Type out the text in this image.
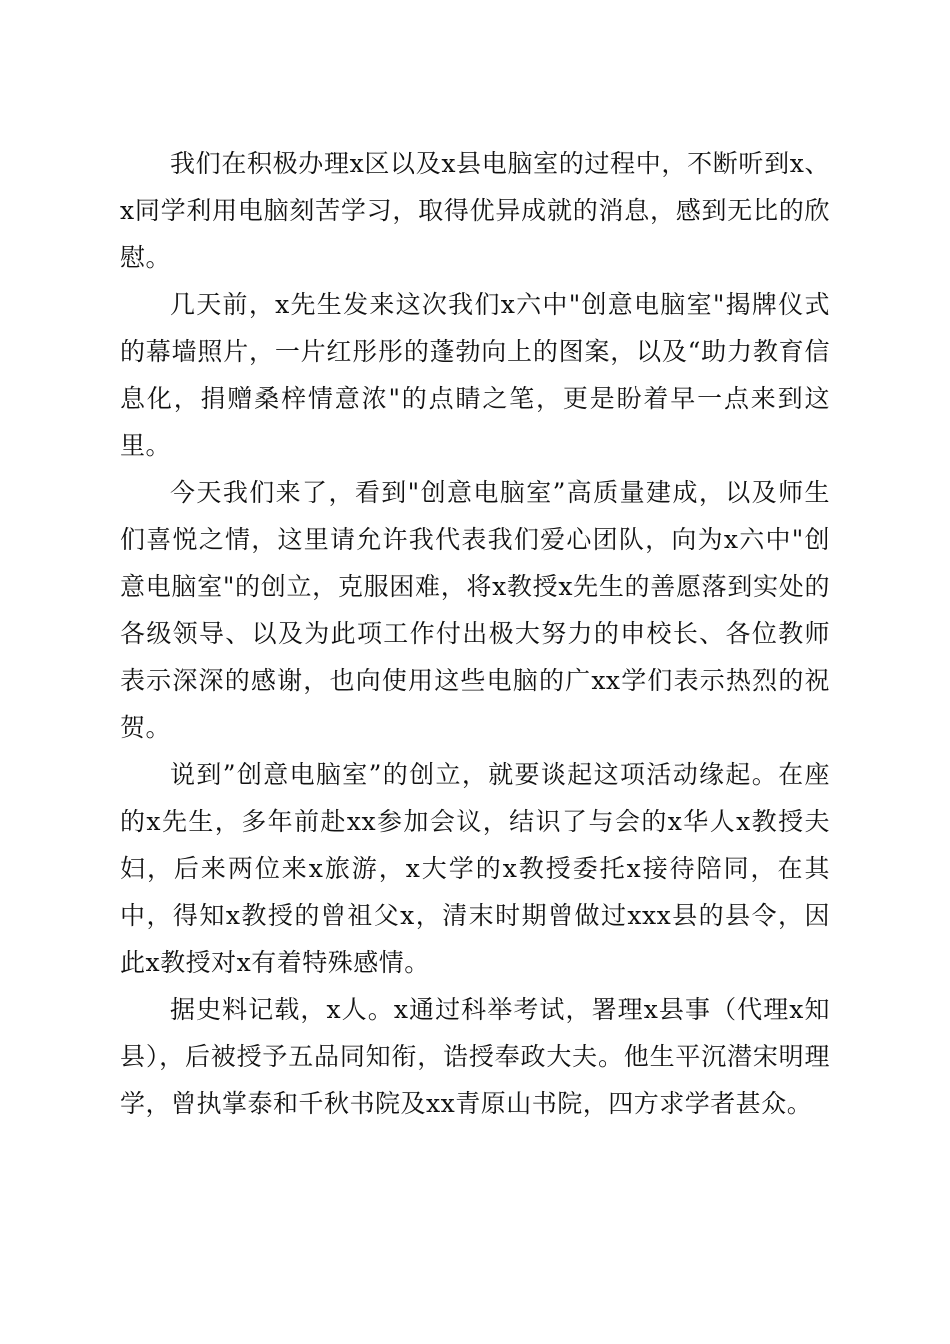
我们在积极办理x区以及x县电脑室的过程中，不断听到x、x同学利用电脑刻苦学习，取得优异成就的消息，感到无比的欣慰。

几天前，x先生发来这次我们x六中"创意电脑室"揭牌仪式的幕墙照片，一片红彤彤的蓬勃向上的图案，以及“助力教育信息化，捐赠桑梓情意浓"的点睛之笔，更是盼着早一点来到这里。

今天我们来了，看到"创意电脑室”高质量建成，以及师生们喜悦之情，这里请允许我代表我们爱心团队，向为x六中"创意电脑室"的创立，克服困难，将x教授x先生的善愿落到实处的各级领导、以及为此项工作付出极大努力的申校长、各位教师表示深深的感谢，也向使用这些电脑的广xx学们表示热烈的祝贺。

说到”创意电脑室”的创立，就要谈起这项活动缘起。在座的x先生，多年前赴xx参加会议，结识了与会的x华人x教授夫妇，后来两位来x旅游，x大学的x教授委托x接待陪同，在其中，得知x教授的曾祖父x，清末时期曾做过xxx县的县令，因此x教授对x有着特殊感情。

据史料记载，x人。x通过科举考试，署理x县事（代理x知县），后被授予五品同知衔，诰授奉政大夫。他生平沉潜宋明理学，曾执掌泰和千秋书院及xx青原山书院，四方求学者甚众。
